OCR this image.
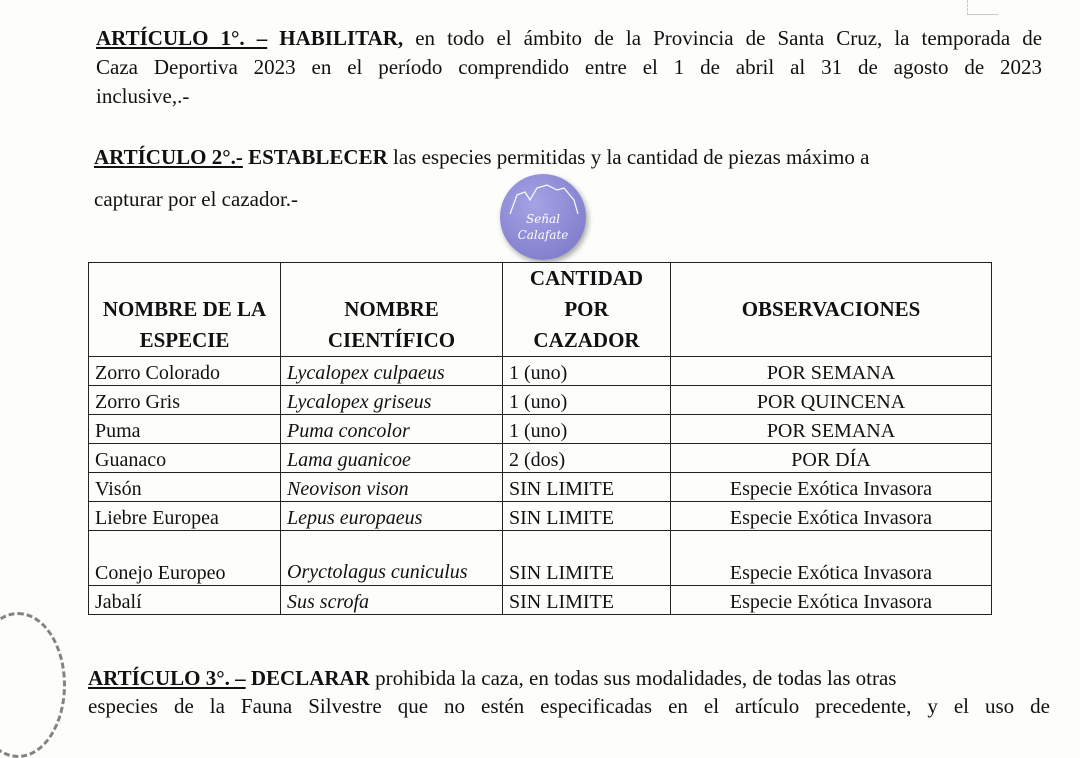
ARTÍCULO 1°. – HABILITAR, en todo el ámbito de la Provincia de Santa Cruz, la temporada de
Caza Deportiva 2023 en el período comprendido entre el 1 de abril al 31 de agosto de 2023
inclusive,.-
ARTÍCULO 2°.- ESTABLECER las especies permitidas y la cantidad de piezas máximo a
capturar por el cazador.-
NOMBRE DE LA ESPECIE	NOMBRE CIENTÍFICO	CANTIDAD POR CAZADOR	OBSERVACIONES
Zorro Colorado	Lycalopex culpaeus	1 (uno)	POR SEMANA
Zorro Gris	Lycalopex griseus	1 (uno)	POR QUINCENA
Puma	Puma concolor	1 (uno)	POR SEMANA
Guanaco	Lama guanicoe	2 (dos)	POR DÍA
Visón	Neovison vison	SIN LIMITE	Especie Exótica Invasora
Liebre Europea	Lepus europaeus	SIN LIMITE	Especie Exótica Invasora
Conejo Europeo	Oryctolagus cuniculus	SIN LIMITE	Especie Exótica Invasora
Jabalí	Sus scrofa	SIN LIMITE	Especie Exótica Invasora
Señal
Calafate
ARTÍCULO 3°. – DECLARAR prohibida la caza, en todas sus modalidades, de todas las otras
especies de la Fauna Silvestre que no estén especificadas en el artículo precedente, y el uso de
